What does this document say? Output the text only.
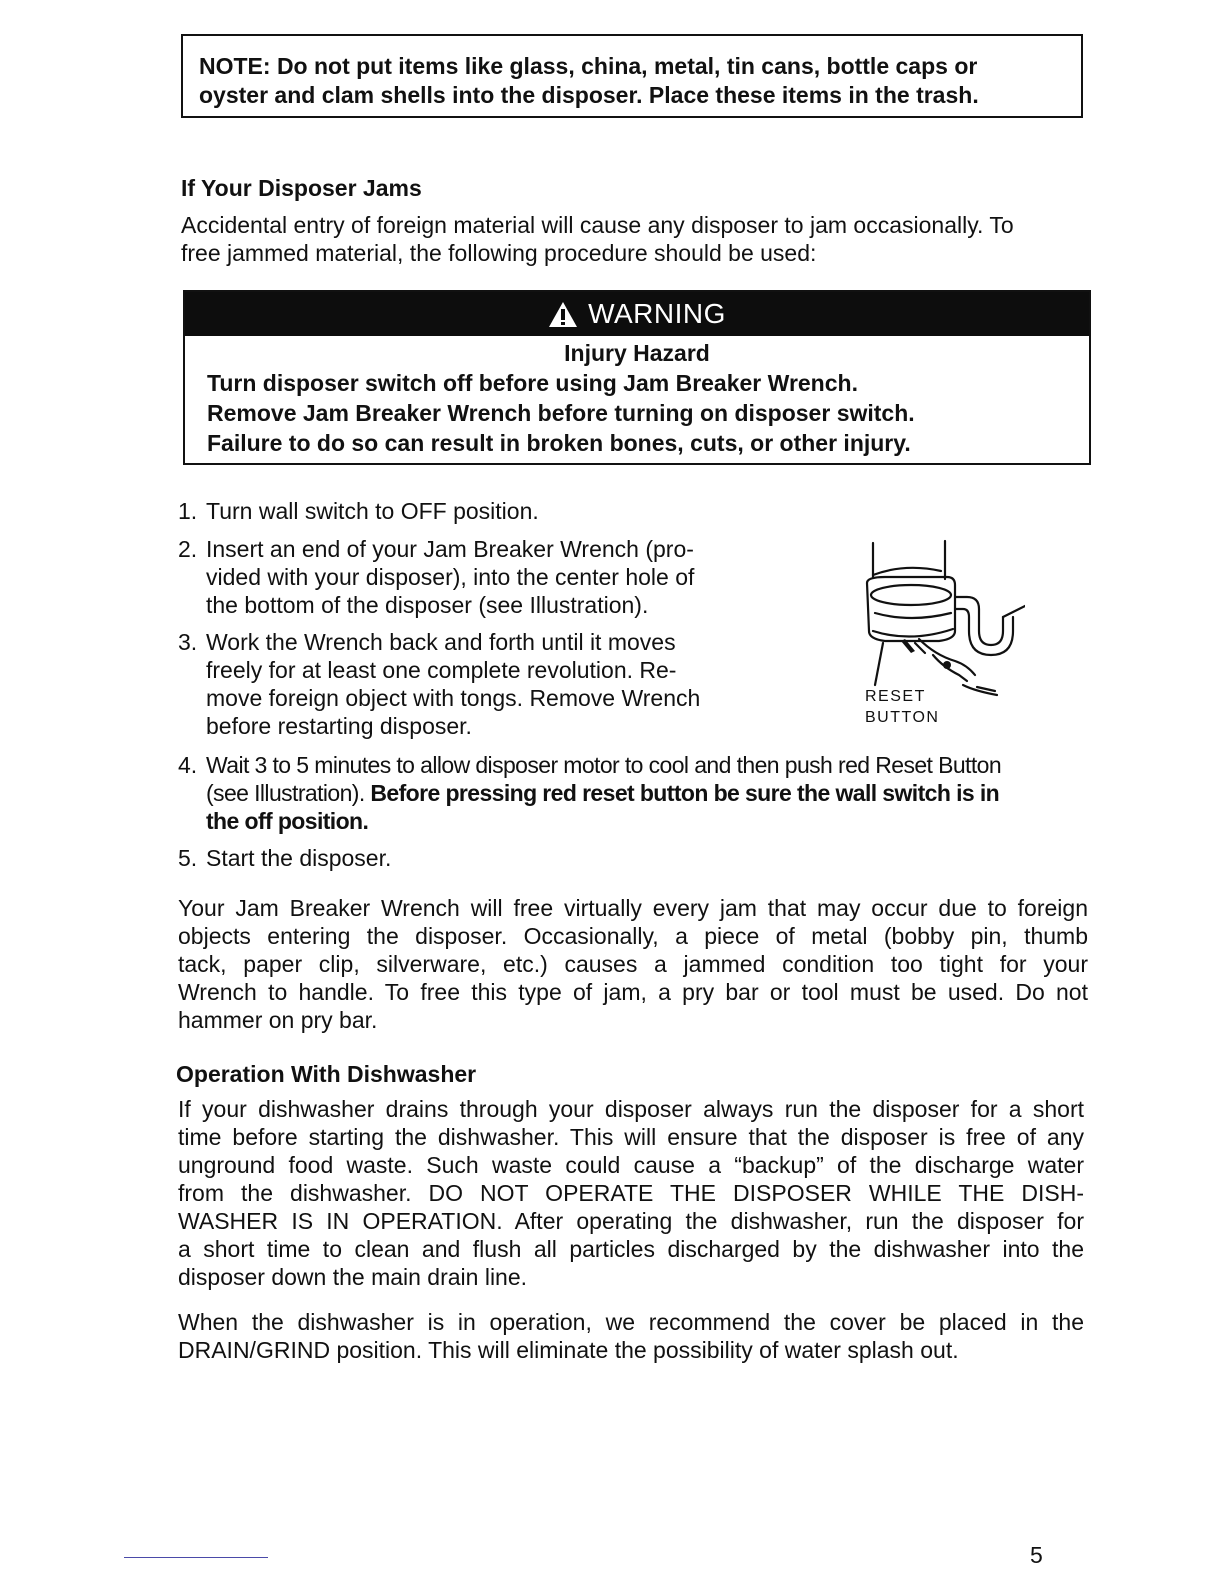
NOTE: Do not put items like glass, china, metal, tin cans, bottle caps or
oyster and clam shells into the disposer. Place these items in the trash.
If Your Disposer Jams
Accidental entry of foreign material will cause any disposer to jam occasionally. To
free jammed material, the following procedure should be used:
WARNING
Injury Hazard
Turn disposer switch off before using Jam Breaker Wrench.
Remove Jam Breaker Wrench before turning on disposer switch.
Failure to do so can result in broken bones, cuts, or other injury.
1. Turn wall switch to OFF position.
2. Insert an end of your Jam Breaker Wrench (pro-
vided with your disposer), into the center hole of
the bottom of the disposer (see Illustration).
3. Work the Wrench back and forth until it moves
freely for at least one complete revolution. Re-
move foreign object with tongs. Remove Wrench
before restarting disposer.
RESET
BUTTON
4. Wait 3 to 5 minutes to allow disposer motor to cool and then push red Reset Button
(see Illustration). Before pressing red reset button be sure the wall switch is in
the off position.
5. Start the disposer.
Your Jam Breaker Wrench will free virtually every jam that may occur due to foreign
objects entering the disposer. Occasionally, a piece of metal (bobby pin, thumb
tack, paper clip, silverware, etc.) causes a jammed condition too tight for your
Wrench to handle. To free this type of jam, a pry bar or tool must be used. Do not
hammer on pry bar.
Operation With Dishwasher
If your dishwasher drains through your disposer always run the disposer for a short
time before starting the dishwasher. This will ensure that the disposer is free of any
unground food waste. Such waste could cause a “backup” of the discharge water
from the dishwasher. DO NOT OPERATE THE DISPOSER WHILE THE DISH-
WASHER IS IN OPERATION. After operating the dishwasher, run the disposer for
a short time to clean and flush all particles discharged by the dishwasher into the
disposer down the main drain line.
When the dishwasher is in operation, we recommend the cover be placed in the
DRAIN/GRIND position. This will eliminate the possibility of water splash out.
5
